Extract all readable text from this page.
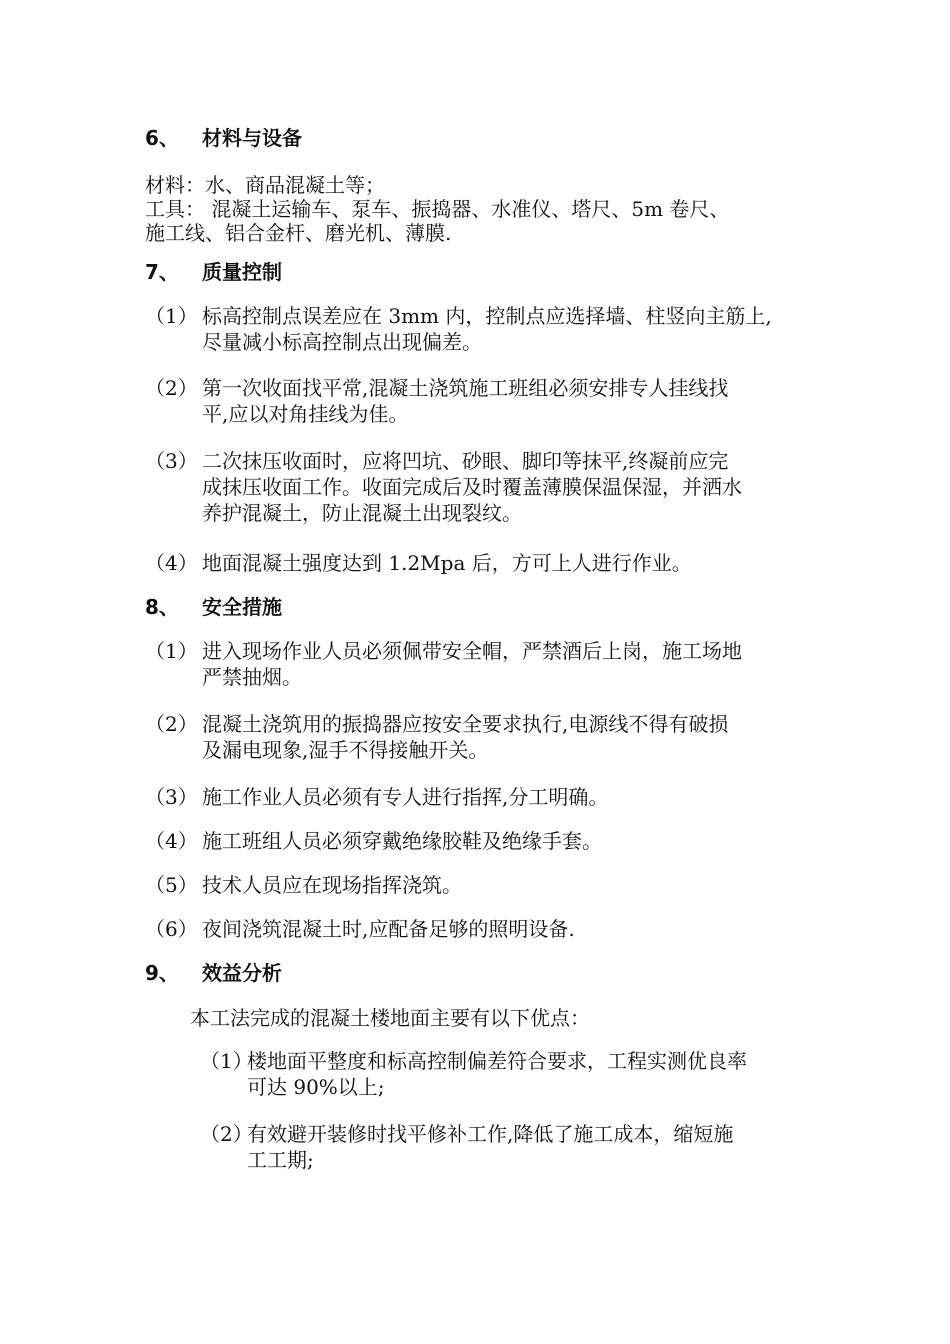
6、 材料与设备
材料：水、商品混凝土等；
工具： 混凝土运输车、泵车、振捣器、水准仪、塔尺、5m 卷尺、
施工线、铝合金杆、磨光机、薄膜.
7、 质量控制
（1） 标高控制点误差应在 3mm 内，控制点应选择墙、柱竖向主筋上,
尽量减小标高控制点出现偏差。
（2） 第一次收面找平常,混凝土浇筑施工班组必须安排专人挂线找
平,应以对角挂线为佳。
（3） 二次抹压收面时，应将凹坑、砂眼、脚印等抹平,终凝前应完
成抹压收面工作。收面完成后及时覆盖薄膜保温保湿，并洒水
养护混凝土，防止混凝土出现裂纹。
（4） 地面混凝土强度达到 1.2Mpa 后，方可上人进行作业。
8、 安全措施
（1） 进入现场作业人员必须佩带安全帽，严禁酒后上岗，施工场地
严禁抽烟。
（2） 混凝土浇筑用的振捣器应按安全要求执行,电源线不得有破损
及漏电现象,湿手不得接触开关。
（3） 施工作业人员必须有专人进行指挥,分工明确。
（4） 施工班组人员必须穿戴绝缘胶鞋及绝缘手套。
（5） 技术人员应在现场指挥浇筑。
（6） 夜间浇筑混凝土时,应配备足够的照明设备.
9、 效益分析
本工法完成的混凝土楼地面主要有以下优点：
（1）
楼地面平整度和标高控制偏差符合要求，工程实测优良率
可达 90%以上;
（2）
有效避开装修时找平修补工作,降低了施工成本，缩短施
工工期;
